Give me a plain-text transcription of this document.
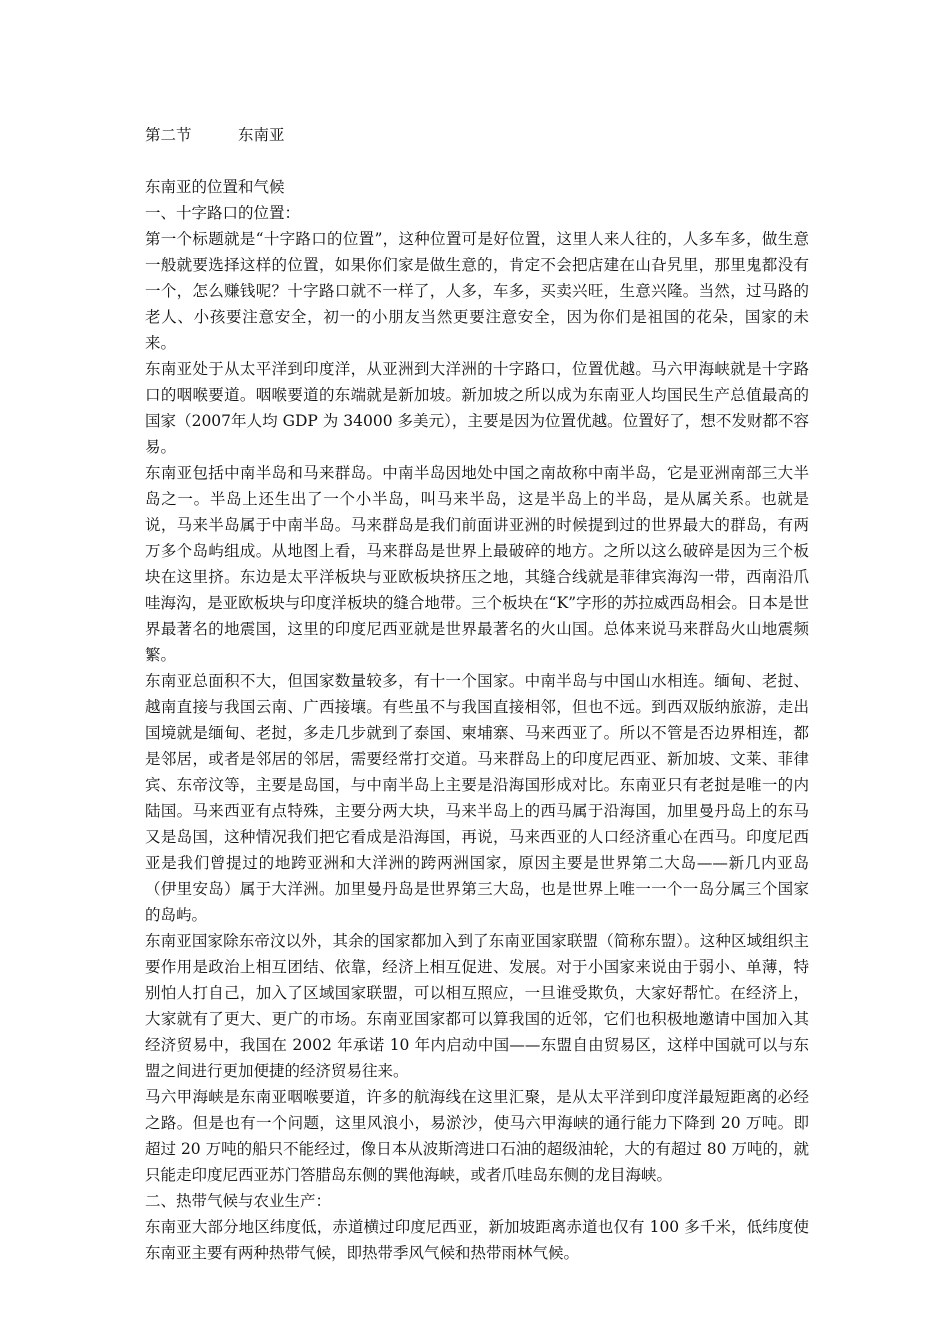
第二节	东南亚
东南亚的位置和气候
一、十字路口的位置：

第一个标题就是“十字路口的位置”，这种位置可是好位置，这里人来人往的，人多车多，做生意一般就要选择这样的位置，如果你们家是做生意的，肯定不会把店建在山旮旯里，那里鬼都没有一个，怎么赚钱呢？十字路口就不一样了，人多，车多，买卖兴旺，生意兴隆。当然，过马路的老人、小孩要注意安全，初一的小朋友当然更要注意安全，因为你们是祖国的花朵，国家的未来。

东南亚处于从太平洋到印度洋，从亚洲到大洋洲的十字路口，位置优越。马六甲海峡就是十字路口的咽喉要道。咽喉要道的东端就是新加坡。新加坡之所以成为东南亚人均国民生产总值最高的国家（2007年人均 GDP 为 34000 多美元），主要是因为位置优越。位置好了，想不发财都不容易。

东南亚包括中南半岛和马来群岛。中南半岛因地处中国之南故称中南半岛，它是亚洲南部三大半岛之一。半岛上还生出了一个小半岛，叫马来半岛，这是半岛上的半岛，是从属关系。也就是说，马来半岛属于中南半岛。马来群岛是我们前面讲亚洲的时候提到过的世界最大的群岛，有两万多个岛屿组成。从地图上看，马来群岛是世界上最破碎的地方。之所以这么破碎是因为三个板块在这里挤。东边是太平洋板块与亚欧板块挤压之地，其缝合线就是菲律宾海沟一带，西南沿爪哇海沟，是亚欧板块与印度洋板块的缝合地带。三个板块在“K”字形的苏拉威西岛相会。日本是世界最著名的地震国，这里的印度尼西亚就是世界最著名的火山国。总体来说马来群岛火山地震频繁。

东南亚总面积不大，但国家数量较多，有十一个国家。中南半岛与中国山水相连。缅甸、老挝、越南直接与我国云南、广西接壤。有些虽不与我国直接相邻，但也不远。到西双版纳旅游，走出国境就是缅甸、老挝，多走几步就到了泰国、柬埔寨、马来西亚了。所以不管是否边界相连，都是邻居，或者是邻居的邻居，需要经常打交道。马来群岛上的印度尼西亚、新加坡、文莱、菲律宾、东帝汶等，主要是岛国，与中南半岛上主要是沿海国形成对比。东南亚只有老挝是唯一的内陆国。马来西亚有点特殊，主要分两大块，马来半岛上的西马属于沿海国，加里曼丹岛上的东马又是岛国，这种情况我们把它看成是沿海国，再说，马来西亚的人口经济重心在西马。印度尼西亚是我们曾提过的地跨亚洲和大洋洲的跨两洲国家，原因主要是世界第二大岛——新几内亚岛（伊里安岛）属于大洋洲。加里曼丹岛是世界第三大岛，也是世界上唯一一个一岛分属三个国家的岛屿。

东南亚国家除东帝汶以外，其余的国家都加入到了东南亚国家联盟（简称东盟）。这种区域组织主要作用是政治上相互团结、依靠，经济上相互促进、发展。对于小国家来说由于弱小、单薄，特别怕人打自己，加入了区域国家联盟，可以相互照应，一旦谁受欺负，大家好帮忙。在经济上，大家就有了更大、更广的市场。东南亚国家都可以算我国的近邻，它们也积极地邀请中国加入其经济贸易中，我国在 2002 年承诺 10 年内启动中国——东盟自由贸易区，这样中国就可以与东盟之间进行更加便捷的经济贸易往来。

马六甲海峡是东南亚咽喉要道，许多的航海线在这里汇聚，是从太平洋到印度洋最短距离的必经之路。但是也有一个问题，这里风浪小，易淤沙，使马六甲海峡的通行能力下降到 20 万吨。即超过 20 万吨的船只不能经过，像日本从波斯湾进口石油的超级油轮，大的有超过 80 万吨的，就只能走印度尼西亚苏门答腊岛东侧的巽他海峡，或者爪哇岛东侧的龙目海峡。

二、热带气候与农业生产：

东南亚大部分地区纬度低，赤道横过印度尼西亚，新加坡距离赤道也仅有 100 多千米，低纬度使东南亚主要有两种热带气候，即热带季风气候和热带雨林气候。
